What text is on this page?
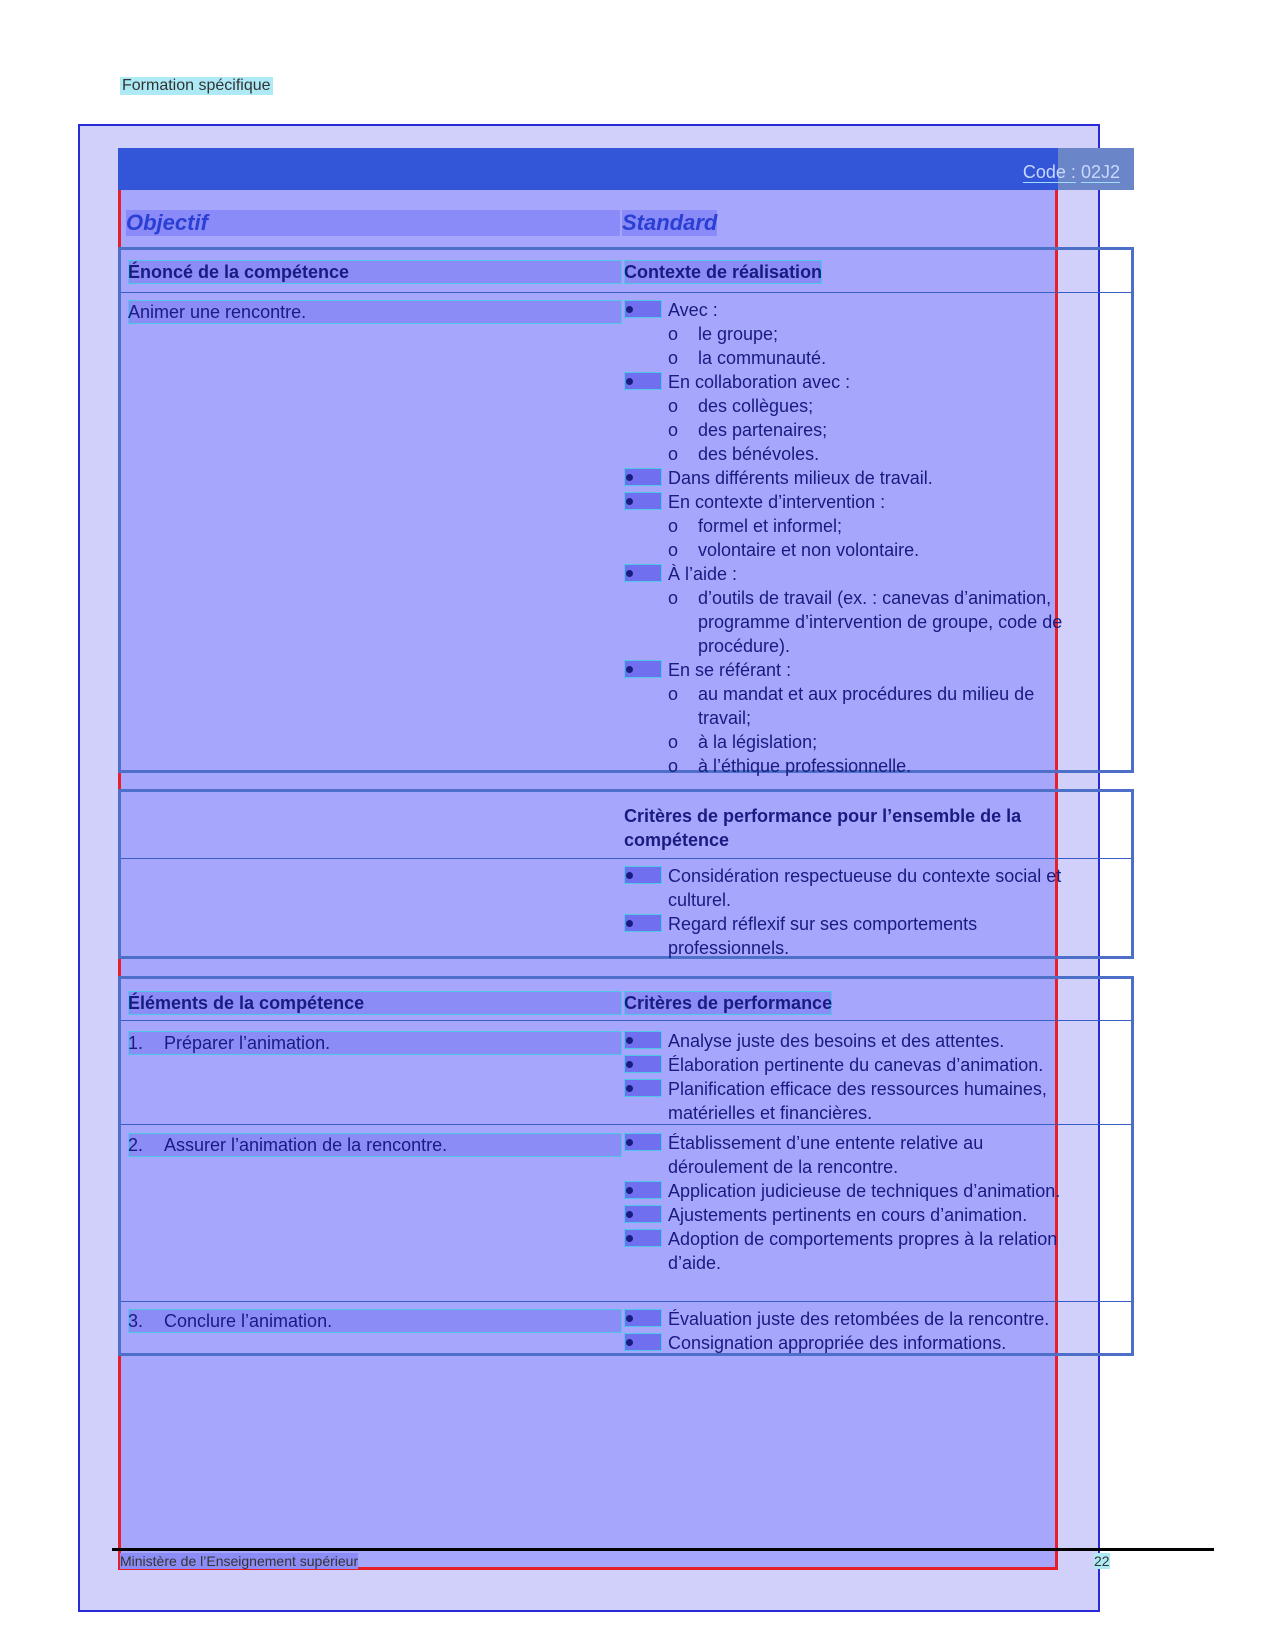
Formation spécifique
Code : 02J2
Objectif	Standard
Énoncé de la compétence	Contexte de réalisation
Animer une rencontre.	Avec :
o le groupe;
o la communauté.
En collaboration avec :
o des collègues;
o des partenaires;
o des bénévoles.
Dans différents milieux de travail.
En contexte d’intervention :
o formel et informel;
o volontaire et non volontaire.
À l’aide :
o d’outils de travail (ex. : canevas d’animation, programme d’intervention de groupe, code de procédure).
En se référant :
o au mandat et aux procédures du milieu de travail;
o à la législation;
o à l’éthique professionnelle.
Critères de performance pour l’ensemble de la compétence
Considération respectueuse du contexte social et culturel.
Regard réflexif sur ses comportements professionnels.
Éléments de la compétence	Critères de performance
1. Préparer l’animation.	Analyse juste des besoins et des attentes.
Élaboration pertinente du canevas d’animation.
Planification efficace des ressources humaines, matérielles et financières.
2. Assurer l’animation de la rencontre.	Établissement d’une entente relative au déroulement de la rencontre.
Application judicieuse de techniques d’animation.
Ajustements pertinents en cours d’animation.
Adoption de comportements propres à la relation d’aide.
3. Conclure l’animation.	Évaluation juste des retombées de la rencontre.
Consignation appropriée des informations.
Ministère de l’Enseignement supérieur	22
